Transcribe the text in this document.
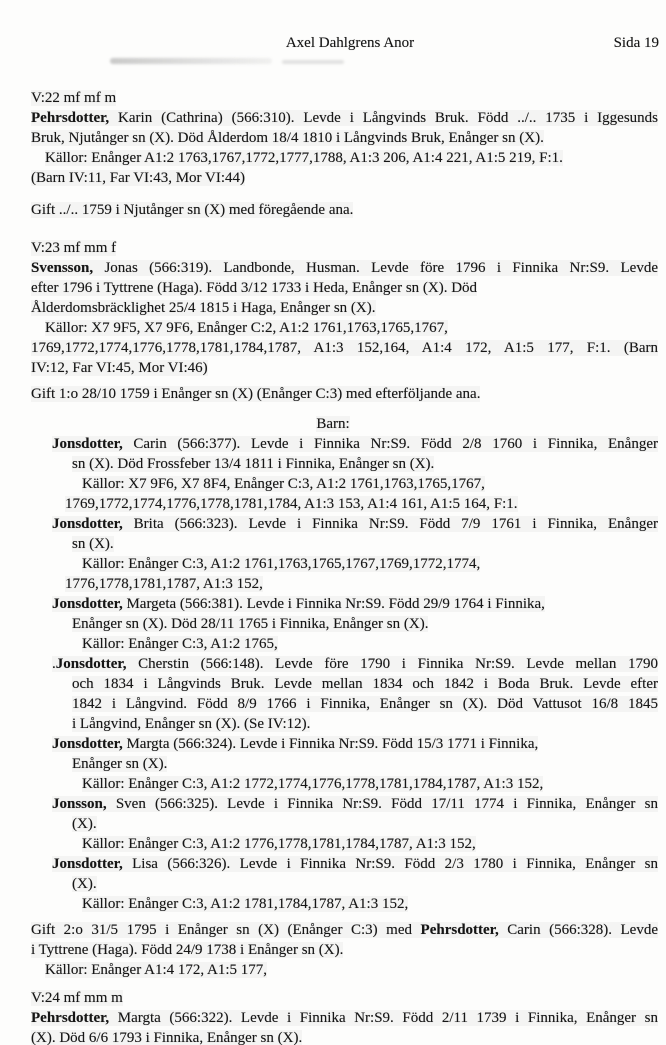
Axel Dahlgrens Anor	Sida 19
V:22 mf mf m
Pehrsdotter, Karin (Cathrina) (566:310). Levde i Långvinds Bruk. Född ../.. 1735 i Iggesunds
Bruk, Njutånger sn (X). Död Ålderdom 18/4 1810 i Långvinds Bruk, Enånger sn (X).
Källor: Enånger A1:2 1763,1767,1772,1777,1788, A1:3 206, A1:4 221, A1:5 219, F:1.
(Barn IV:11, Far VI:43, Mor VI:44)
Gift ../.. 1759 i Njutånger sn (X) med föregående ana.
V:23 mf mm f
Svensson, Jonas (566:319). Landbonde, Husman. Levde före 1796 i Finnika Nr:S9. Levde
efter 1796 i Tyttrene (Haga). Född 3/12 1733 i Heda, Enånger sn (X). Död
Ålderdomsbräcklighet 25/4 1815 i Haga, Enånger sn (X).
Källor: X7 9F5, X7 9F6, Enånger C:2, A1:2 1761,1763,1765,1767,
1769,1772,1774,1776,1778,1781,1784,1787, A1:3 152,164, A1:4 172, A1:5 177, F:1. (Barn
IV:12, Far VI:45, Mor VI:46)
Gift 1:o 28/10 1759 i Enånger sn (X) (Enånger C:3) med efterföljande ana.
Barn:
Jonsdotter, Carin (566:377). Levde i Finnika Nr:S9. Född 2/8 1760 i Finnika, Enånger
sn (X). Död Frossfeber 13/4 1811 i Finnika, Enånger sn (X).
Källor: X7 9F6, X7 8F4, Enånger C:3, A1:2 1761,1763,1765,1767,
1769,1772,1774,1776,1778,1781,1784, A1:3 153, A1:4 161, A1:5 164, F:1.
Jonsdotter, Brita (566:323). Levde i Finnika Nr:S9. Född 7/9 1761 i Finnika, Enånger
sn (X).
Källor: Enånger C:3, A1:2 1761,1763,1765,1767,1769,1772,1774,
1776,1778,1781,1787, A1:3 152,
Jonsdotter, Margeta (566:381). Levde i Finnika Nr:S9. Född 29/9 1764 i Finnika,
Enånger sn (X). Död 28/11 1765 i Finnika, Enånger sn (X).
Källor: Enånger C:3, A1:2 1765,
.Jonsdotter, Cherstin (566:148). Levde före 1790 i Finnika Nr:S9. Levde mellan 1790
och 1834 i Långvinds Bruk. Levde mellan 1834 och 1842 i Boda Bruk. Levde efter
1842 i Långvind. Född 8/9 1766 i Finnika, Enånger sn (X). Död Vattusot 16/8 1845
i Långvind, Enånger sn (X). (Se IV:12).
Jonsdotter, Margta (566:324). Levde i Finnika Nr:S9. Född 15/3 1771 i Finnika,
Enånger sn (X).
Källor: Enånger C:3, A1:2 1772,1774,1776,1778,1781,1784,1787, A1:3 152,
Jonsson, Sven (566:325). Levde i Finnika Nr:S9. Född 17/11 1774 i Finnika, Enånger sn
(X).
Källor: Enånger C:3, A1:2 1776,1778,1781,1784,1787, A1:3 152,
Jonsdotter, Lisa (566:326). Levde i Finnika Nr:S9. Född 2/3 1780 i Finnika, Enånger sn
(X).
Källor: Enånger C:3, A1:2 1781,1784,1787, A1:3 152,
Gift 2:o 31/5 1795 i Enånger sn (X) (Enånger C:3) med Pehrsdotter, Carin (566:328). Levde
i Tyttrene (Haga). Född 24/9 1738 i Enånger sn (X).
Källor: Enånger A1:4 172, A1:5 177,
V:24 mf mm m
Pehrsdotter, Margta (566:322). Levde i Finnika Nr:S9. Född 2/11 1739 i Finnika, Enånger sn
(X). Död 6/6 1793 i Finnika, Enånger sn (X).
